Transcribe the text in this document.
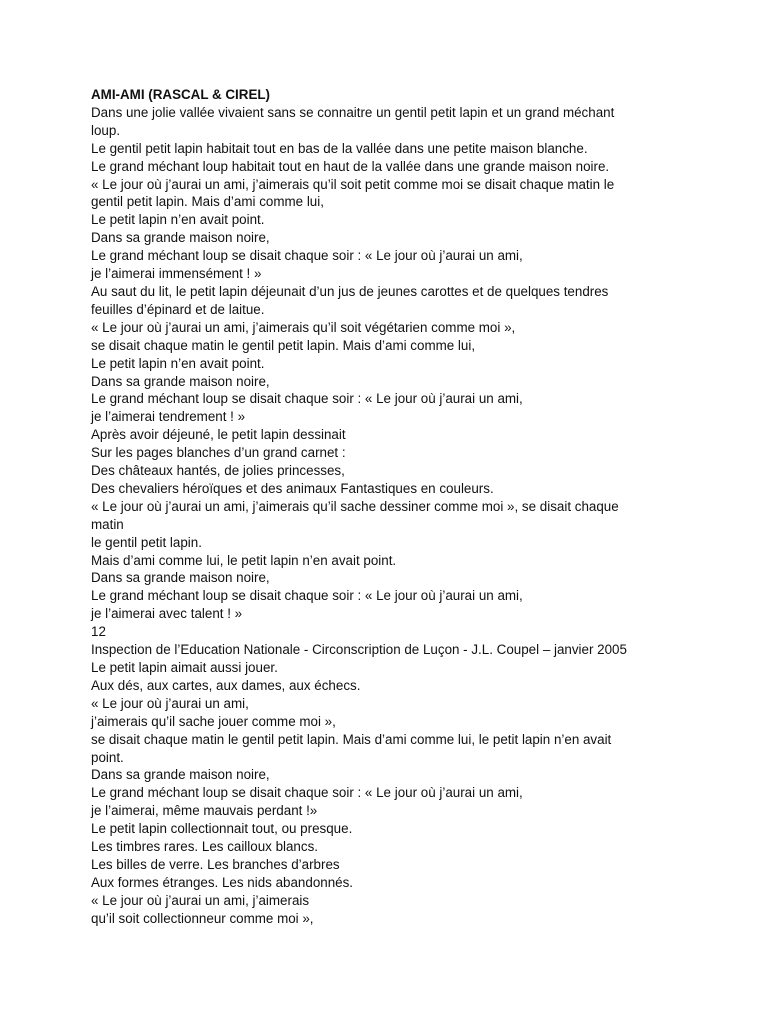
AMI-AMI (RASCAL & CIREL)

Dans une jolie vallée vivaient sans se connaitre un gentil petit lapin et un grand méchant

loup.

Le gentil petit lapin habitait tout en bas de la vallée dans une petite maison blanche.

Le grand méchant loup habitait tout en haut de la vallée dans une grande maison noire.

« Le jour où j’aurai un ami, j’aimerais qu’il soit petit comme moi se disait chaque matin le

gentil petit lapin. Mais d’ami comme lui,

Le petit lapin n’en avait point.

Dans sa grande maison noire,

Le grand méchant loup se disait chaque soir : « Le jour où j’aurai un ami,

je l’aimerai immensément ! »

Au saut du lit, le petit lapin déjeunait d’un jus de jeunes carottes et de quelques tendres

feuilles d’épinard et de laitue.

« Le jour où j’aurai un ami, j’aimerais qu’il soit végétarien comme moi »,

se disait chaque matin le gentil petit lapin. Mais d’ami comme lui,

Le petit lapin n’en avait point.

Dans sa grande maison noire,

Le grand méchant loup se disait chaque soir : « Le jour où j’aurai un ami,

je l’aimerai tendrement ! »

Après avoir déjeuné, le petit lapin dessinait

Sur les pages blanches d’un grand carnet :

Des châteaux hantés, de jolies princesses,

Des chevaliers héroïques et des animaux Fantastiques en couleurs.

« Le jour où j’aurai un ami, j’aimerais qu’il sache dessiner comme moi », se disait chaque

matin

le gentil petit lapin.

Mais d’ami comme lui, le petit lapin n’en avait point.

Dans sa grande maison noire,

Le grand méchant loup se disait chaque soir : « Le jour où j’aurai un ami,

je l’aimerai avec talent ! »

12

Inspection de l’Education Nationale - Circonscription de Luçon - J.L. Coupel – janvier 2005

Le petit lapin aimait aussi jouer.

Aux dés, aux cartes, aux dames, aux échecs.

« Le jour où j’aurai un ami,

j’aimerais qu’il sache jouer comme moi »,

se disait chaque matin le gentil petit lapin. Mais d’ami comme lui, le petit lapin n’en avait

point.

Dans sa grande maison noire,

Le grand méchant loup se disait chaque soir : « Le jour où j’aurai un ami,

je l’aimerai, même mauvais perdant !»

Le petit lapin collectionnait tout, ou presque.

Les timbres rares. Les cailloux blancs.

Les billes de verre. Les branches d’arbres

Aux formes étranges. Les nids abandonnés.

« Le jour où j’aurai un ami, j’aimerais

qu’il soit collectionneur comme moi »,
